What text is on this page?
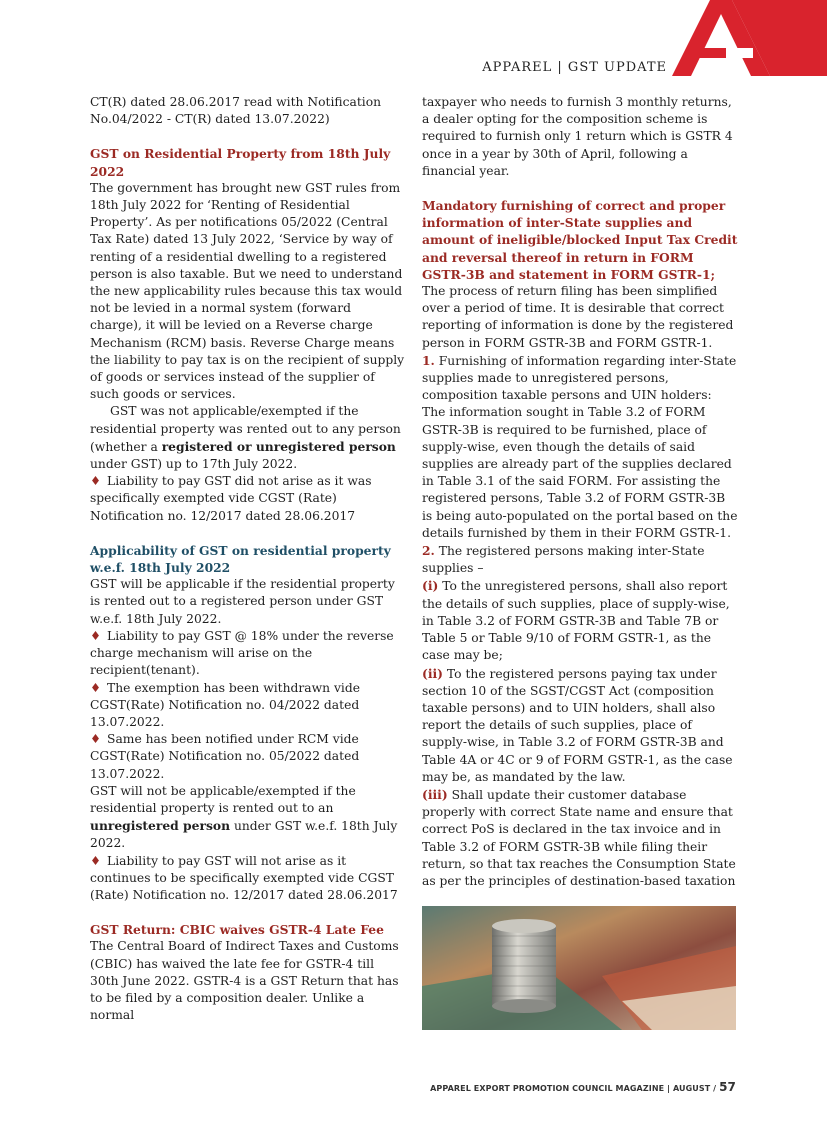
APPAREL | GST UPDATE

CT(R) dated 28.06.2017 read with Notification No.04/2022 - CT(R) dated 13.07.2022)

GST on Residential Property from 18th July 2022

The government has brought new GST rules from 18th July 2022 for ‘Renting of Residential Property’. As per notifications 05/2022 (Central Tax Rate) dated 13 July 2022, ‘Service by way of renting of a residential dwelling to a registered person is also taxable. But we need to understand the new applicability rules because this tax would not be levied in a normal system (forward charge), it will be levied on a Reverse charge Mechanism (RCM) basis. Reverse Charge means the liability to pay tax is on the recipient of supply of goods or services instead of the supplier of such goods or services.

GST was not applicable/exempted if the residential property was rented out to any person (whether a registered or unregistered person under GST) up to 17th July 2022.

♦ Liability to pay GST did not arise as it was specifically exempted vide CGST (Rate) Notification no. 12/2017 dated 28.06.2017

Applicability of GST on residential property w.e.f. 18th July 2022

GST will be applicable if the residential property is rented out to a registered person under GST w.e.f. 18th July 2022.

♦ Liability to pay GST @ 18% under the reverse charge mechanism will arise on the recipient(tenant).

♦ The exemption has been withdrawn vide CGST(Rate) Notification no. 04/2022 dated 13.07.2022.

♦ Same has been notified under RCM vide CGST(Rate) Notification no. 05/2022 dated 13.07.2022.

GST will not be applicable/exempted if the residential property is rented out to an unregistered person under GST w.e.f. 18th July 2022.

♦ Liability to pay GST will not arise as it continues to be specifically exempted vide CGST (Rate) Notification no. 12/2017 dated 28.06.2017

GST Return: CBIC waives GSTR-4 Late Fee

The Central Board of Indirect Taxes and Customs (CBIC) has waived the late fee for GSTR-4 till 30th June 2022. GSTR-4 is a GST Return that has to be filed by a composition dealer. Unlike a normal

taxpayer who needs to furnish 3 monthly returns, a dealer opting for the composition scheme is required to furnish only 1 return which is GSTR 4 once in a year by 30th of April, following a financial year.

Mandatory furnishing of correct and proper information of inter-State supplies and amount of ineligible/blocked Input Tax Credit and reversal thereof in return in FORM GSTR-3B and statement in FORM GSTR-1;

The process of return filing has been simplified over a period of time. It is desirable that correct reporting of information is done by the registered person in FORM GSTR-3B and FORM GSTR-1.

1. Furnishing of information regarding inter-State supplies made to unregistered persons, composition taxable persons and UIN holders:

The information sought in Table 3.2 of FORM GSTR-3B is required to be furnished, place of supply-wise, even though the details of said supplies are already part of the supplies declared in Table 3.1 of the said FORM. For assisting the registered persons, Table 3.2 of FORM GSTR-3B is being auto-populated on the portal based on the details furnished by them in their FORM GSTR-1.

2. The registered persons making inter-State supplies –

(i) To the unregistered persons, shall also report the details of such supplies, place of supply-wise, in Table 3.2 of FORM GSTR-3B and Table 7B or Table 5 or Table 9/10 of FORM GSTR-1, as the case may be;

(ii) To the registered persons paying tax under section 10 of the SGST/CGST Act (composition taxable persons) and to UIN holders, shall also report the details of such supplies, place of supply-wise, in Table 3.2 of FORM GSTR-3B and Table 4A or 4C or 9 of FORM GSTR-1, as the case may be, as mandated by the law.

(iii) Shall update their customer database properly with correct State name and ensure that correct PoS is declared in the tax invoice and in Table 3.2 of FORM GSTR-3B while filing their return, so that tax reaches the Consumption State as per the principles of destination-based taxation

APPAREL EXPORT PROMOTION COUNCIL MAGAZINE | AUGUST / 57
